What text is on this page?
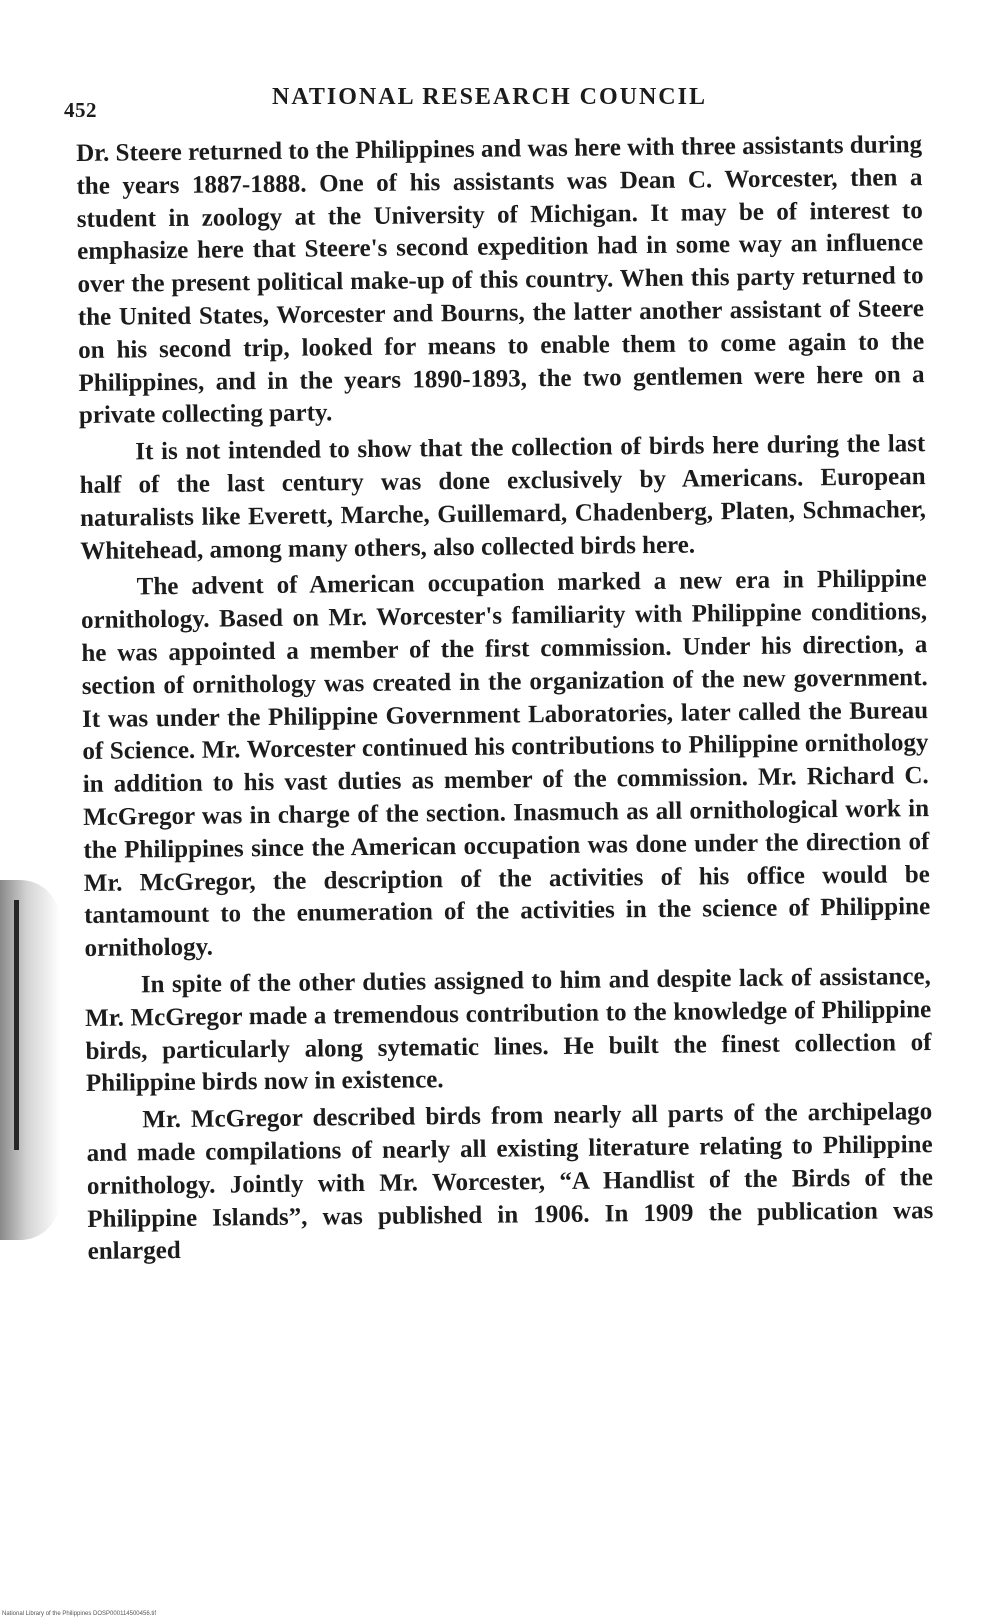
452	NATIONAL RESEARCH COUNCIL

Dr. Steere returned to the Philippines and was here with three assistants during the years 1887-1888. One of his assistants was Dean C. Worcester, then a student in zoology at the University of Michigan. It may be of interest to emphasize here that Steere's second expedition had in some way an influence over the present political make-up of this country. When this party returned to the United States, Worcester and Bourns, the latter another assistant of Steere on his second trip, looked for means to enable them to come again to the Philippines, and in the years 1890-1893, the two gentlemen were here on a private collecting party.

It is not intended to show that the collection of birds here during the last half of the last century was done exclusively by Americans. European naturalists like Everett, Marche, Guillemard, Chadenberg, Platen, Schmacher, Whitehead, among many others, also collected birds here.

The advent of American occupation marked a new era in Philippine ornithology. Based on Mr. Worcester's familiarity with Philippine conditions, he was appointed a member of the first commission. Under his direction, a section of ornithology was created in the organization of the new government. It was under the Philippine Government Laboratories, later called the Bureau of Science. Mr. Worcester continued his contributions to Philippine ornithology in addition to his vast duties as member of the commission. Mr. Richard C. McGregor was in charge of the section. Inasmuch as all ornithological work in the Philippines since the American occupation was done under the direction of Mr. McGregor, the description of the activities of his office would be tantamount to the enumeration of the activities in the science of Philippine ornithology.

In spite of the other duties assigned to him and despite lack of assistance, Mr. McGregor made a tremendous contribution to the knowledge of Philippine birds, particularly along sytematic lines. He built the finest collection of Philippine birds now in existence.

Mr. McGregor described birds from nearly all parts of the archipelago and made compilations of nearly all existing literature relating to Philippine ornithology. Jointly with Mr. Worcester, “A Handlist of the Birds of the Philippine Islands”, was published in 1906. In 1909 the publication was enlarged

National Library of the Philippines DOSP000114500456.tif
